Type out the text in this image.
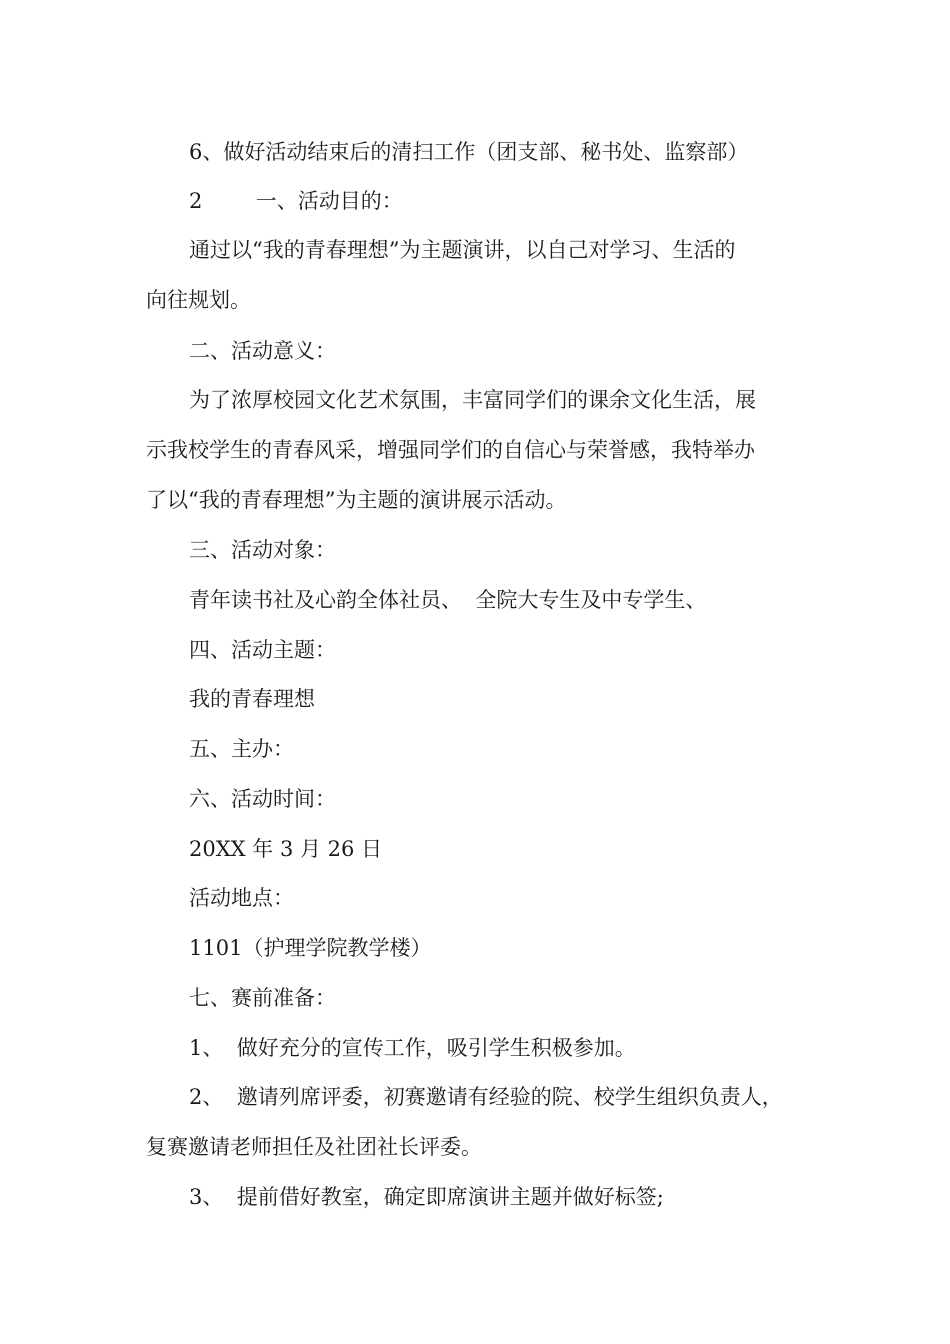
6、做好活动结束后的清扫工作（团支部、秘书处、监察部）
2        一、活动目的：
通过以“我的青春理想”为主题演讲，以自己对学习、生活的
向往规划。
二、活动意义：
为了浓厚校园文化艺术氛围，丰富同学们的课余文化生活，展
示我校学生的青春风采，增强同学们的自信心与荣誉感，我特举办
了以“我的青春理想”为主题的演讲展示活动。
三、活动对象：
青年读书社及心韵全体社员、  全院大专生及中专学生、
四、活动主题：
我的青春理想
五、主办：
六、活动时间：
20XX 年 3 月 26 日
活动地点：
1101（护理学院教学楼）
七、赛前准备：
1、  做好充分的宣传工作，吸引学生积极参加。
2、  邀请列席评委，初赛邀请有经验的院、校学生组织负责人，
复赛邀请老师担任及社团社长评委。
3、  提前借好教室，确定即席演讲主题并做好标签;
